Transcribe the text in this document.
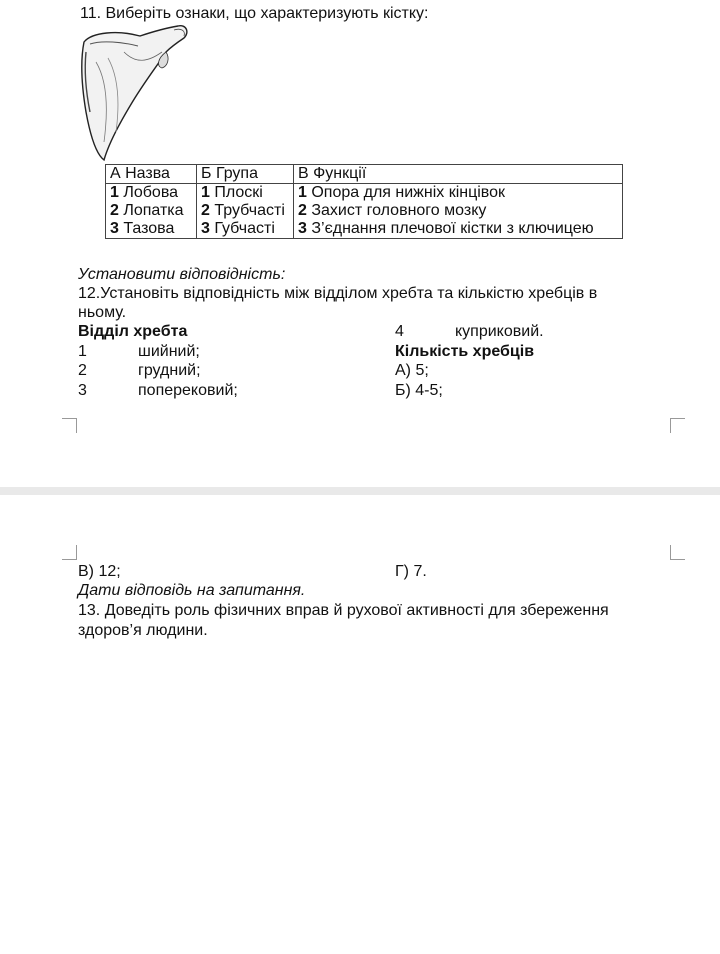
11. Виберіть ознаки, що характеризують кістку:
А Назва	Б Група	В Функції
1 Лобова	1 Плоскі	1 Опора для нижніх кінцівок
2 Лопатка	2 Трубчасті	2 Захист головного мозку
3 Тазова	3 Губчасті	3 З’єднання плечової кістки з ключицею
Установити відповідність:
12.Установіть відповідність між відділом хребта та кількістю хребців в
ньому.
Відділ хребта	4	куприковий.
1	шийний;	Кількість хребців
2	грудний;	А) 5;
3	поперековий;	Б) 4-5;
В) 12;	Г) 7.
Дати відповідь на запитання.
13. Доведіть роль фізичних вправ й рухової активності для збереження
здоров’я людини.
